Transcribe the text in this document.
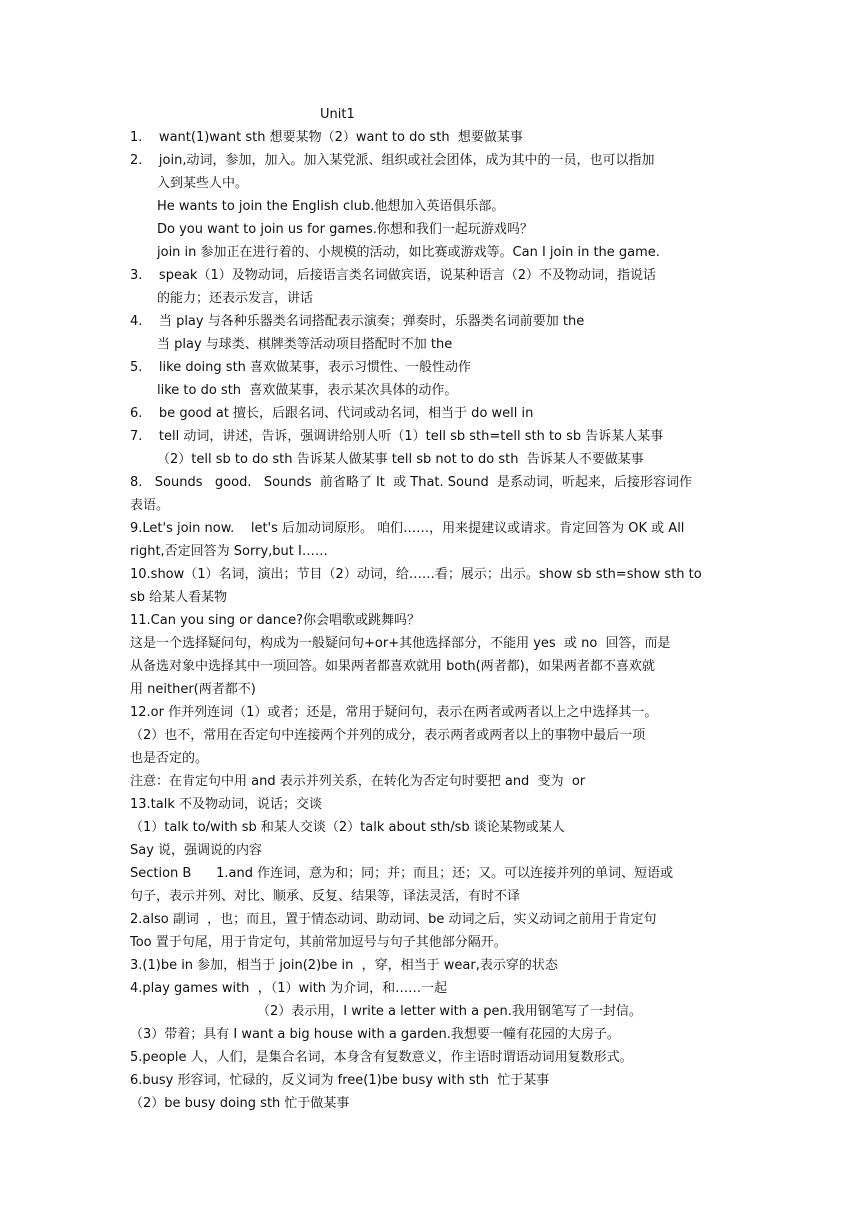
Unit1
1.    want(1)want sth 想要某物（2）want to do sth  想要做某事
2.    join,动词，参加，加入。加入某党派、组织或社会团体，成为其中的一员，也可以指加
入到某些人中。
He wants to join the English club.他想加入英语俱乐部。
Do you want to join us for games.你想和我们一起玩游戏吗？
join in 参加正在进行着的、小规模的活动，如比赛或游戏等。Can I join in the game.
3.    speak（1）及物动词，后接语言类名词做宾语，说某种语言（2）不及物动词，指说话
的能力；还表示发言，讲话
4.    当 play 与各种乐器类名词搭配表示演奏；弹奏时，乐器类名词前要加 the
当 play 与球类、棋牌类等活动项目搭配时不加 the
5.    like doing sth 喜欢做某事，表示习惯性、一般性动作
like to do sth  喜欢做某事，表示某次具体的动作。
6.    be good at 擅长，后跟名词、代词或动名词，相当于 do well in
7.    tell 动词，讲述，告诉，强调讲给别人听（1）tell sb sth=tell sth to sb 告诉某人某事
（2）tell sb to do sth 告诉某人做某事 tell sb not to do sth  告诉某人不要做某事
8.   Sounds   good.   Sounds  前省略了 It  或 That. Sound  是系动词，听起来，后接形容词作
表语。
9.Let's join now.    let's 后加动词原形。 咱们……，用来提建议或请求。肯定回答为 OK 或 All
right,否定回答为 Sorry,but I……
10.show（1）名词，演出；节目（2）动词，给……看；展示；出示。show sb sth=show sth to
sb 给某人看某物
11.Can you sing or dance?你会唱歌或跳舞吗？
这是一个选择疑问句，构成为一般疑问句+or+其他选择部分，不能用 yes  或 no  回答，而是
从备选对象中选择其中一项回答。如果两者都喜欢就用 both(两者都)，如果两者都不喜欢就
用 neither(两者都不)
12.or 作并列连词（1）或者；还是，常用于疑问句，表示在两者或两者以上之中选择其一。
（2）也不，常用在否定句中连接两个并列的成分，表示两者或两者以上的事物中最后一项
也是否定的。
注意：在肯定句中用 and 表示并列关系，在转化为否定句时要把 and  变为  or
13.talk 不及物动词，说话；交谈
（1）talk to/with sb 和某人交谈（2）talk about sth/sb 谈论某物或某人
Say 说，强调说的内容
Section B      1.and 作连词，意为和；同；并；而且；还；又。可以连接并列的单词、短语或
句子，表示并列、对比、顺承、反复、结果等，译法灵活，有时不译
2.also 副词  ，也；而且，置于情态动词、助动词、be 动词之后，实义动词之前用于肯定句
Too 置于句尾，用于肯定句，其前常加逗号与句子其他部分隔开。
3.(1)be in 参加，相当于 join(2)be in  ，穿，相当于 wear,表示穿的状态
4.play games with  ，（1）with 为介词，和……一起
（2）表示用，I write a letter with a pen.我用钢笔写了一封信。
（3）带着；具有 I want a big house with a garden.我想要一幢有花园的大房子。
5.people 人，人们，是集合名词，本身含有复数意义，作主语时谓语动词用复数形式。
6.busy 形容词，忙碌的，反义词为 free(1)be busy with sth  忙于某事
（2）be busy doing sth 忙于做某事
